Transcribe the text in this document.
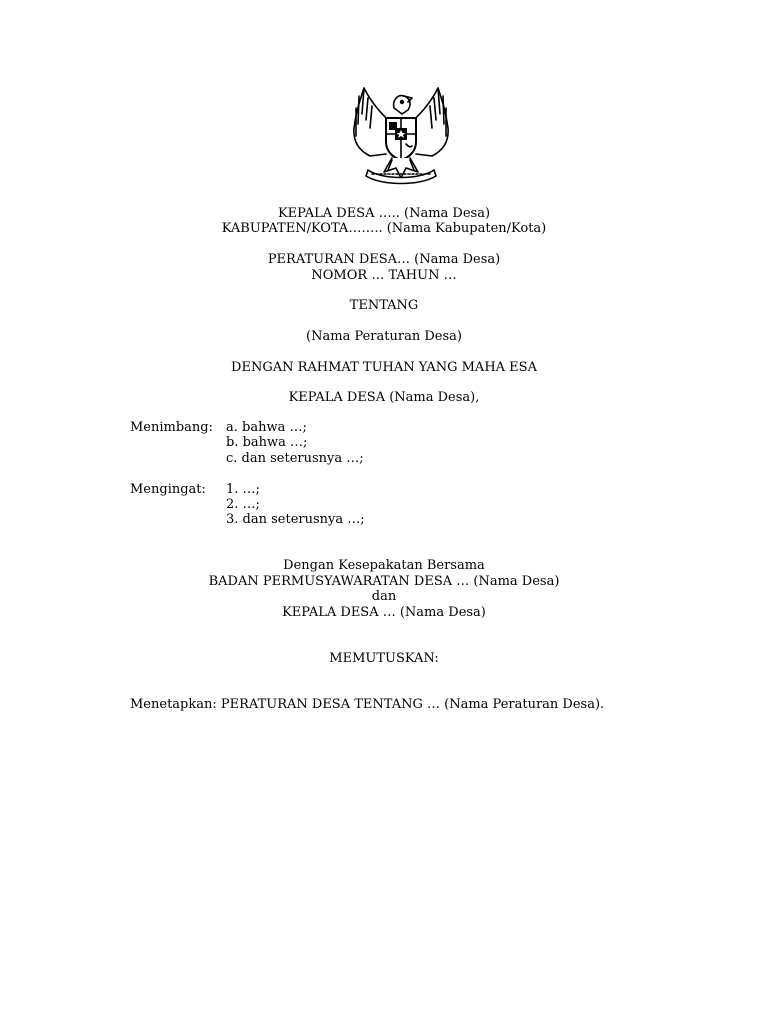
KEPALA DESA ….. (Nama Desa)
KABUPATEN/KOTA…….. (Nama Kabupaten/Kota)
PERATURAN DESA… (Nama Desa)
NOMOR … TAHUN …
TENTANG
(Nama Peraturan Desa)
DENGAN RAHMAT TUHAN YANG MAHA ESA
KEPALA DESA (Nama Desa),
Menimbang: a. bahwa …;
b. bahwa …;
c. dan seterusnya …;
Mengingat: 1. …;
2. …;
3. dan seterusnya …;
Dengan Kesepakatan Bersama
BADAN PERMUSYAWARATAN DESA … (Nama Desa)
dan
KEPALA DESA … (Nama Desa)
MEMUTUSKAN:
Menetapkan: PERATURAN DESA TENTANG … (Nama Peraturan Desa).
